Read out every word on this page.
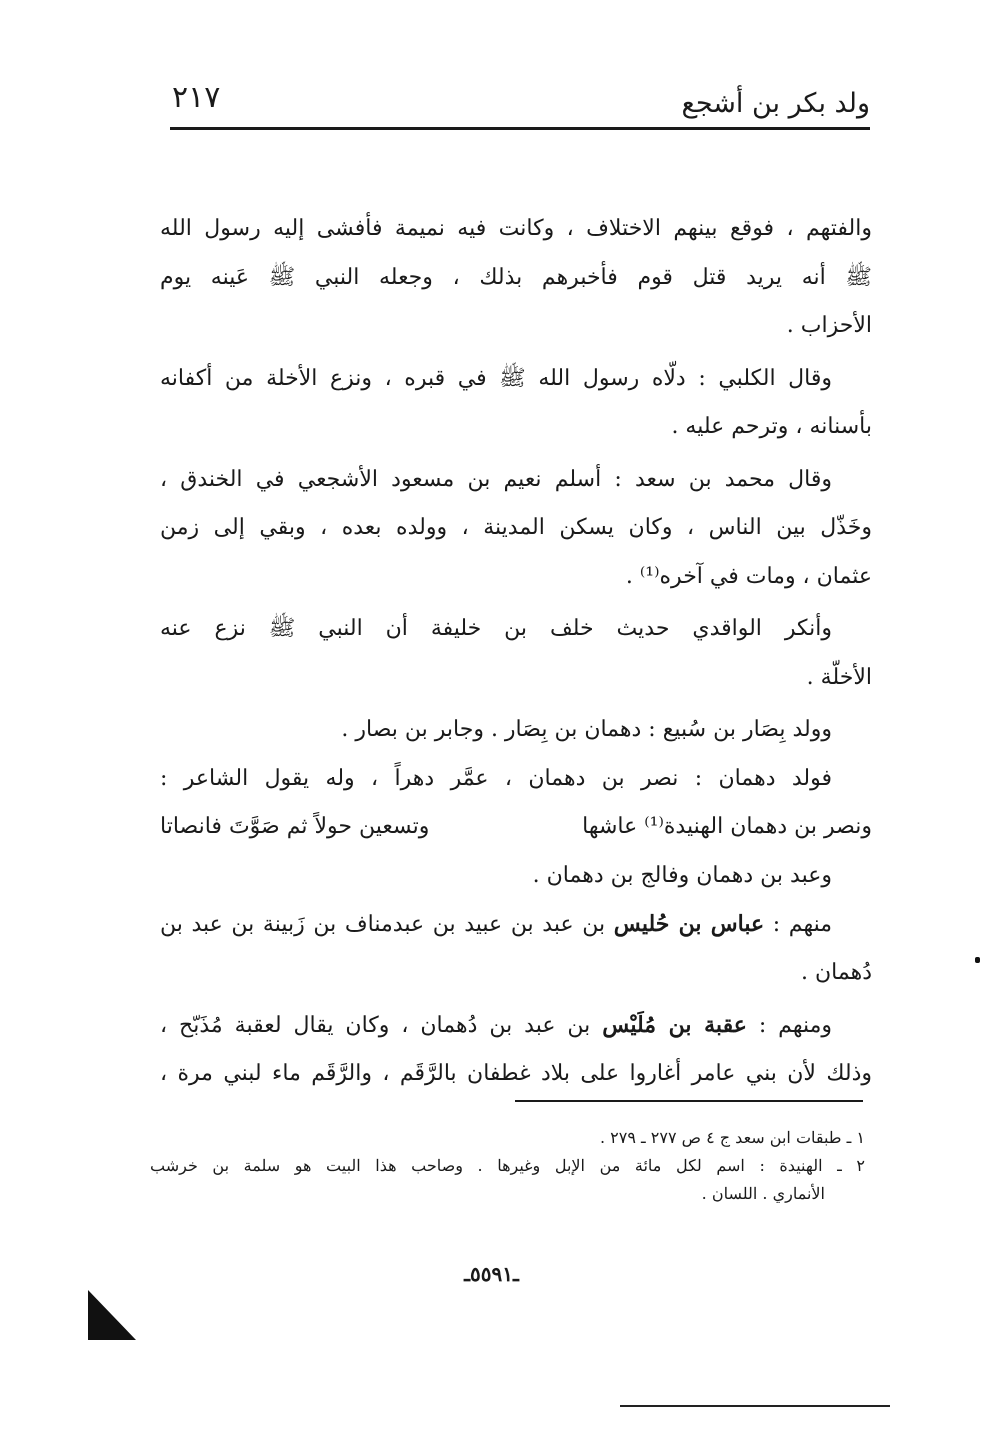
٢١٧	ولد بكر بن أشجع
والفتهم ، فوقع بينهم الاختلاف ، وكانت فيه نميمة فأفشى إليه رسول الله
ﷺ أنه يريد قتل قوم فأخبرهم بذلك ، وجعله النبي ﷺ عَينه يوم
الأحزاب .
وقال الكلبي : دلّاه رسول الله ﷺ في قبره ، ونزع الأخلة من أكفانه
بأسنانه ، وترحم عليه .
وقال محمد بن سعد : أسلم نعيم بن مسعود الأشجعي في الخندق ،
وخَذّل بين الناس ، وكان يسكن المدينة ، وولده بعده ، وبقي إلى زمن
عثمان ، ومات في آخره⁽¹⁾ .
وأنكر الواقدي حديث خلف بن خليفة أن النبي ﷺ نزع عنه
الأخلّة .
وولد بِصَار بن سُبيع : دهمان بن بِصَار . وجابر بن بصار .
فولد دهمان : نصر بن دهمان ، عمَّر دهراً ، وله يقول الشاعر :
ونصر بن دهمان الهنيدة⁽¹⁾ عاشها
وتسعين حولاً ثم صَوَّتَ فانصاتا
وعبد بن دهمان وفالج بن دهمان .
منهم : عباس بن حُليس بن عبد بن عبيد بن عبدمناف بن زَبينة بن عبد بن
دُهمان .
ومنهم : عقبة بن مُلَيْس بن عبد بن دُهمان ، وكان يقال لعقبة مُذَبّح ،
وذلك لأن بني عامر أغاروا على بلاد غطفان بالرَّقَم ، والرَّقَم ماء لبني مرة ،
١ ـ طبقات ابن سعد ج ٤ ص ٢٧٧ ـ ٢٧٩ .
٢ ـ الهنيدة : اسم لكل مائة من الإبل وغيرها . وصاحب هذا البيت هو سلمة بن خرشب
الأنماري . اللسان .
ـ٥٥٩١ـ
